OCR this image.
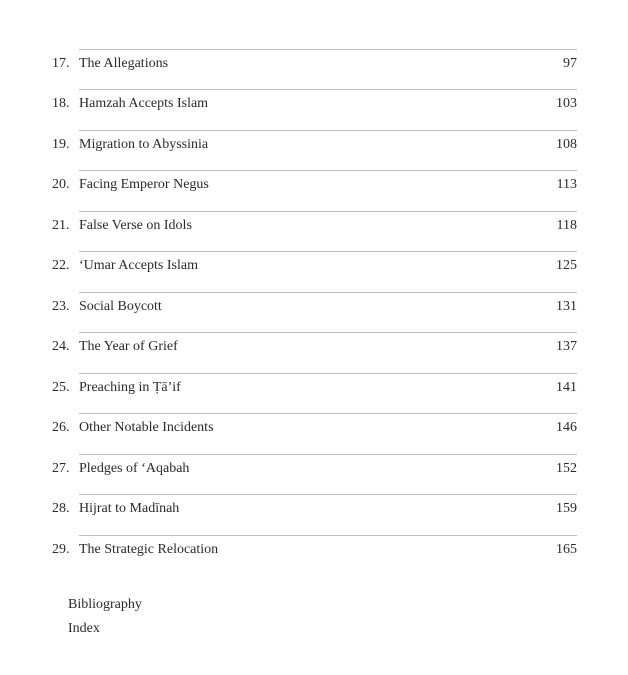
17. The Allegations	97
18. Hamzah Accepts Islam	103
19. Migration to Abyssinia	108
20. Facing Emperor Negus	113
21. False Verse on Idols	118
22. ‘Umar Accepts Islam	125
23. Social Boycott	131
24. The Year of Grief	137
25. Preaching in Ṭā’if	141
26. Other Notable Incidents	146
27. Pledges of ‘Aqabah	152
28. Hijrat to Madīnah	159
29. The Strategic Relocation	165
Bibliography
Index
